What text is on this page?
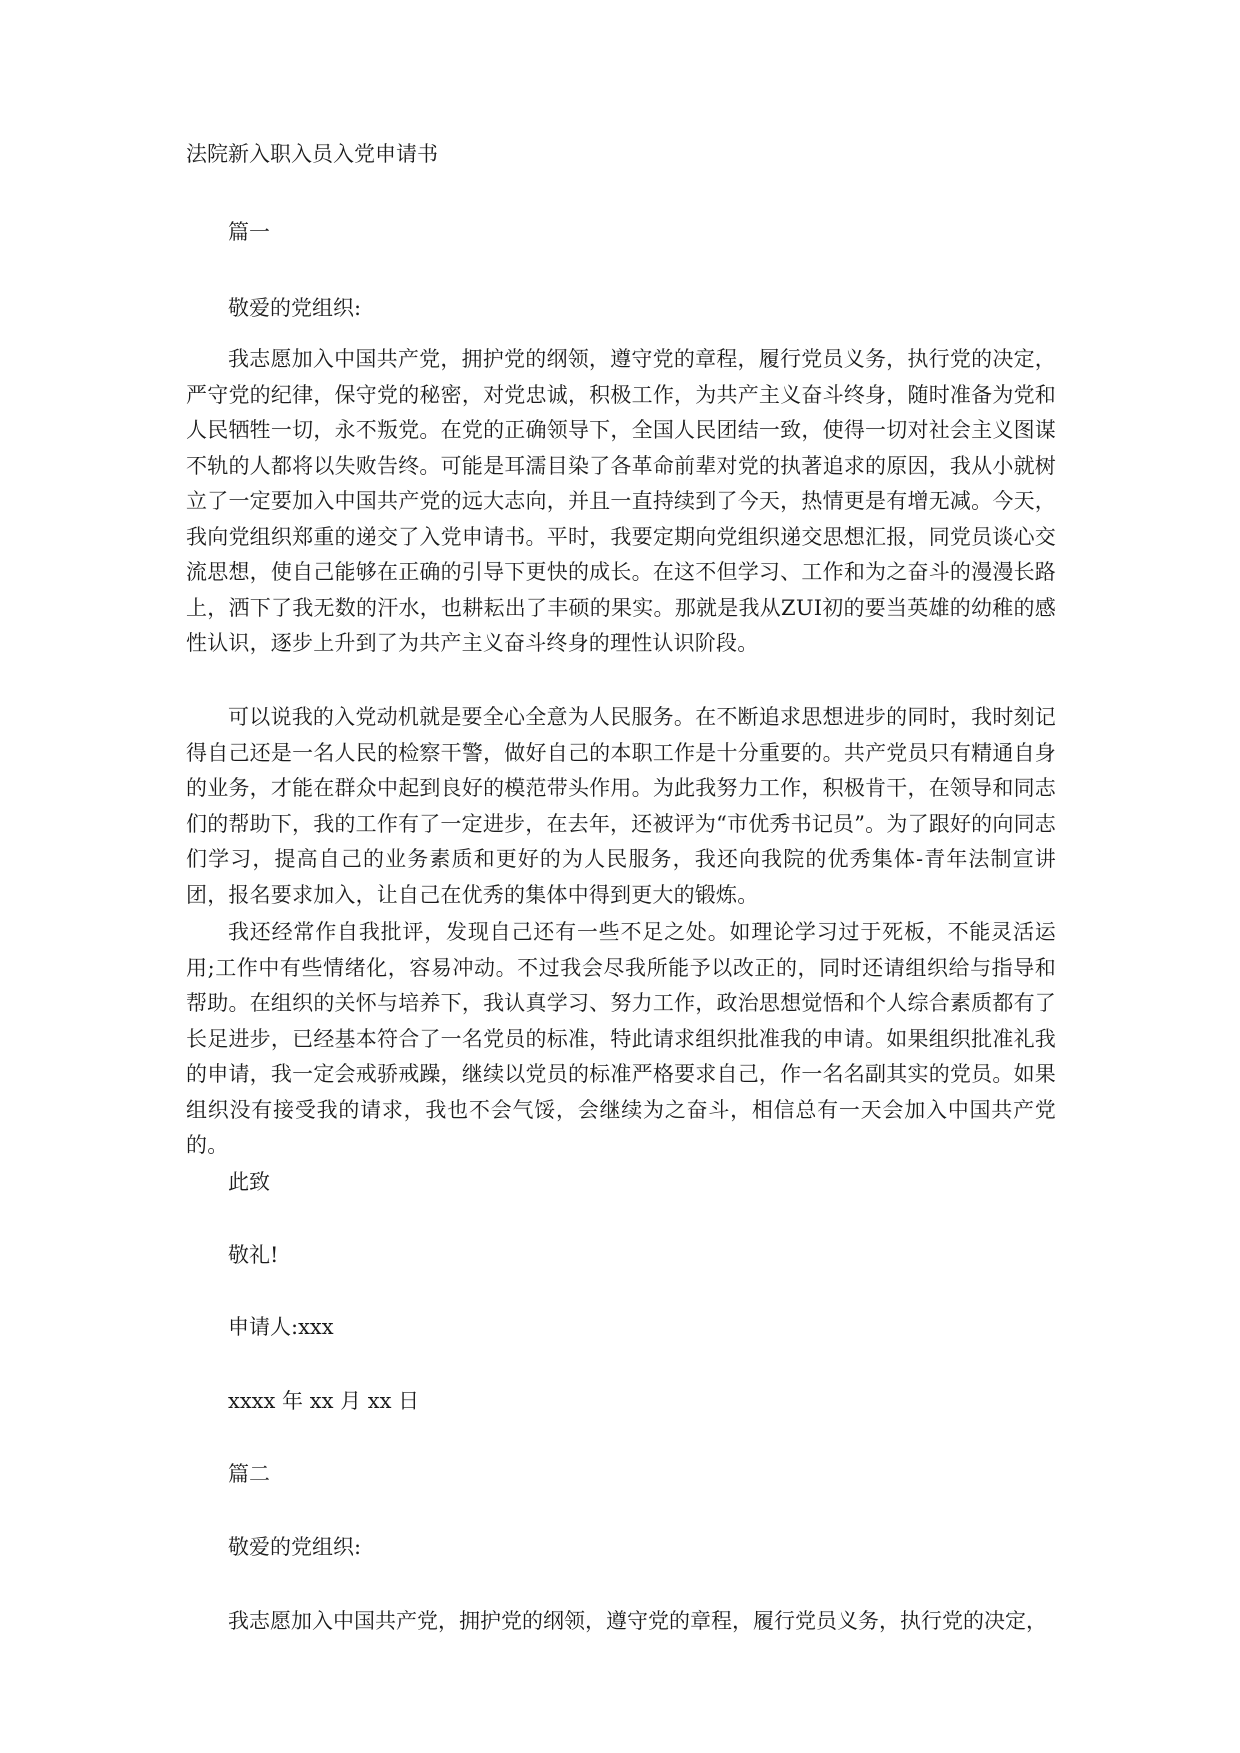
法院新入职入员入党申请书
篇一
敬爱的党组织:
我志愿加入中国共产党，拥护党的纲领，遵守党的章程，履行党员义务，执行党的决定，严守党的纪律，保守党的秘密，对党忠诚，积极工作，为共产主义奋斗终身，随时准备为党和人民牺牲一切，永不叛党。在党的正确领导下，全国人民团结一致，使得一切对社会主义图谋不轨的人都将以失败告终。可能是耳濡目染了各革命前辈对党的执著追求的原因，我从小就树立了一定要加入中国共产党的远大志向，并且一直持续到了今天，热情更是有增无减。今天，我向党组织郑重的递交了入党申请书。平时，我要定期向党组织递交思想汇报，同党员谈心交流思想，使自己能够在正确的引导下更快的成长。在这不但学习、工作和为之奋斗的漫漫长路上，洒下了我无数的汗水，也耕耘出了丰硕的果实。那就是我从ZUI初的要当英雄的幼稚的感性认识，逐步上升到了为共产主义奋斗终身的理性认识阶段。
可以说我的入党动机就是要全心全意为人民服务。在不断追求思想进步的同时，我时刻记得自己还是一名人民的检察干警，做好自己的本职工作是十分重要的。共产党员只有精通自身的业务，才能在群众中起到良好的模范带头作用。为此我努力工作，积极肯干，在领导和同志们的帮助下，我的工作有了一定进步，在去年，还被评为“市优秀书记员”。为了跟好的向同志们学习，提高自己的业务素质和更好的为人民服务，我还向我院的优秀集体-青年法制宣讲团，报名要求加入，让自己在优秀的集体中得到更大的锻炼。
我还经常作自我批评，发现自己还有一些不足之处。如理论学习过于死板，不能灵活运用;工作中有些情绪化，容易冲动。不过我会尽我所能予以改正的，同时还请组织给与指导和帮助。在组织的关怀与培养下，我认真学习、努力工作，政治思想觉悟和个人综合素质都有了长足进步，已经基本符合了一名党员的标准，特此请求组织批准我的申请。如果组织批准礼我的申请，我一定会戒骄戒躁，继续以党员的标准严格要求自己，作一名名副其实的党员。如果组织没有接受我的请求，我也不会气馁，会继续为之奋斗，相信总有一天会加入中国共产党的。
此致
敬礼!
申请人:xxx
xxxx 年 xx 月 xx 日
篇二
敬爱的党组织:
我志愿加入中国共产党，拥护党的纲领，遵守党的章程，履行党员义务，执行党的决定，
